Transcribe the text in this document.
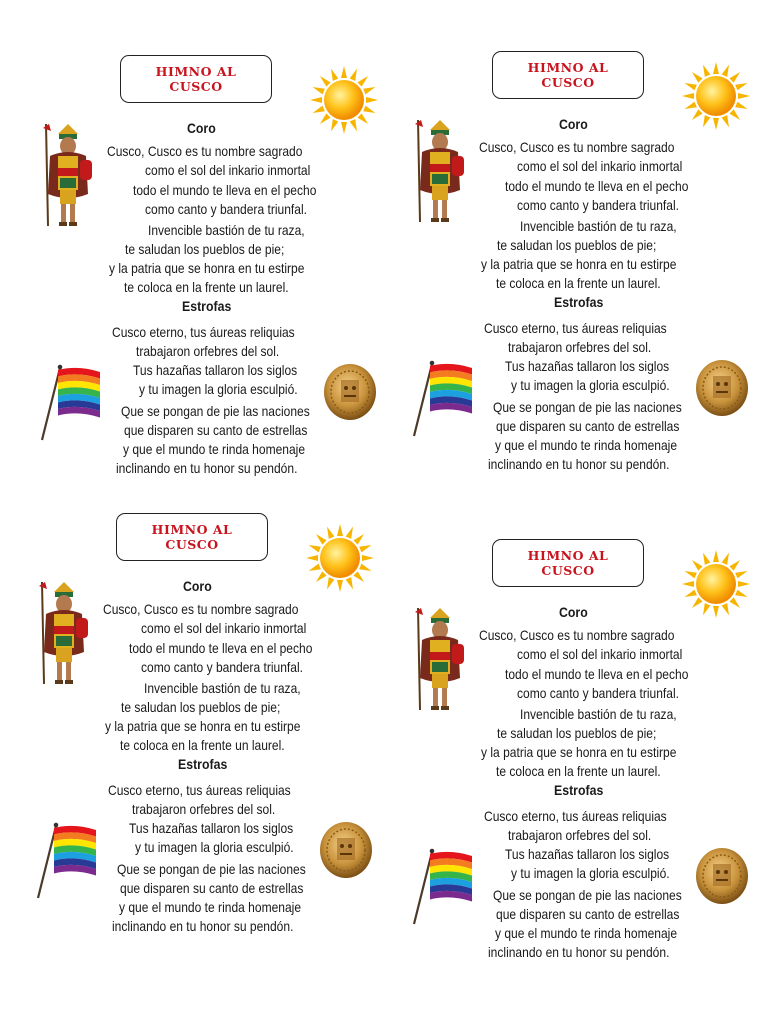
HIMNO AL
CUSCO
Coro
Estrofas
Cusco, Cusco es tu nombre sagrado
como el sol del inkario inmortal
todo el mundo te lleva en el pecho
como canto y bandera triunfal.
Invencible bastión de tu raza,
te saludan los pueblos de pie;
y la patria que se honra en tu estirpe
te coloca en la frente un laurel.
Cusco eterno, tus áureas reliquias
trabajaron orfebres del sol.
Tus hazañas tallaron los siglos
y tu imagen la gloria esculpió.
Que se pongan de pie las naciones
que disparen su canto de estrellas
y que el mundo te rinda homenaje
inclinando en tu honor su pendón.
HIMNO AL
CUSCO
Coro
Estrofas
Cusco, Cusco es tu nombre sagrado
como el sol del inkario inmortal
todo el mundo te lleva en el pecho
como canto y bandera triunfal.
Invencible bastión de tu raza,
te saludan los pueblos de pie;
y la patria que se honra en tu estirpe
te coloca en la frente un laurel.
Cusco eterno, tus áureas reliquias
trabajaron orfebres del sol.
Tus hazañas tallaron los siglos
y tu imagen la gloria esculpió.
Que se pongan de pie las naciones
que disparen su canto de estrellas
y que el mundo te rinda homenaje
inclinando en tu honor su pendón.
HIMNO AL
CUSCO
Coro
Estrofas
Cusco, Cusco es tu nombre sagrado
como el sol del inkario inmortal
todo el mundo te lleva en el pecho
como canto y bandera triunfal.
Invencible bastión de tu raza,
te saludan los pueblos de pie;
y la patria que se honra en tu estirpe
te coloca en la frente un laurel.
Cusco eterno, tus áureas reliquias
trabajaron orfebres del sol.
Tus hazañas tallaron los siglos
y tu imagen la gloria esculpió.
Que se pongan de pie las naciones
que disparen su canto de estrellas
y que el mundo te rinda homenaje
inclinando en tu honor su pendón.
HIMNO AL
CUSCO
Coro
Estrofas
Cusco, Cusco es tu nombre sagrado
como el sol del inkario inmortal
todo el mundo te lleva en el pecho
como canto y bandera triunfal.
Invencible bastión de tu raza,
te saludan los pueblos de pie;
y la patria que se honra en tu estirpe
te coloca en la frente un laurel.
Cusco eterno, tus áureas reliquias
trabajaron orfebres del sol.
Tus hazañas tallaron los siglos
y tu imagen la gloria esculpió.
Que se pongan de pie las naciones
que disparen su canto de estrellas
y que el mundo te rinda homenaje
inclinando en tu honor su pendón.
